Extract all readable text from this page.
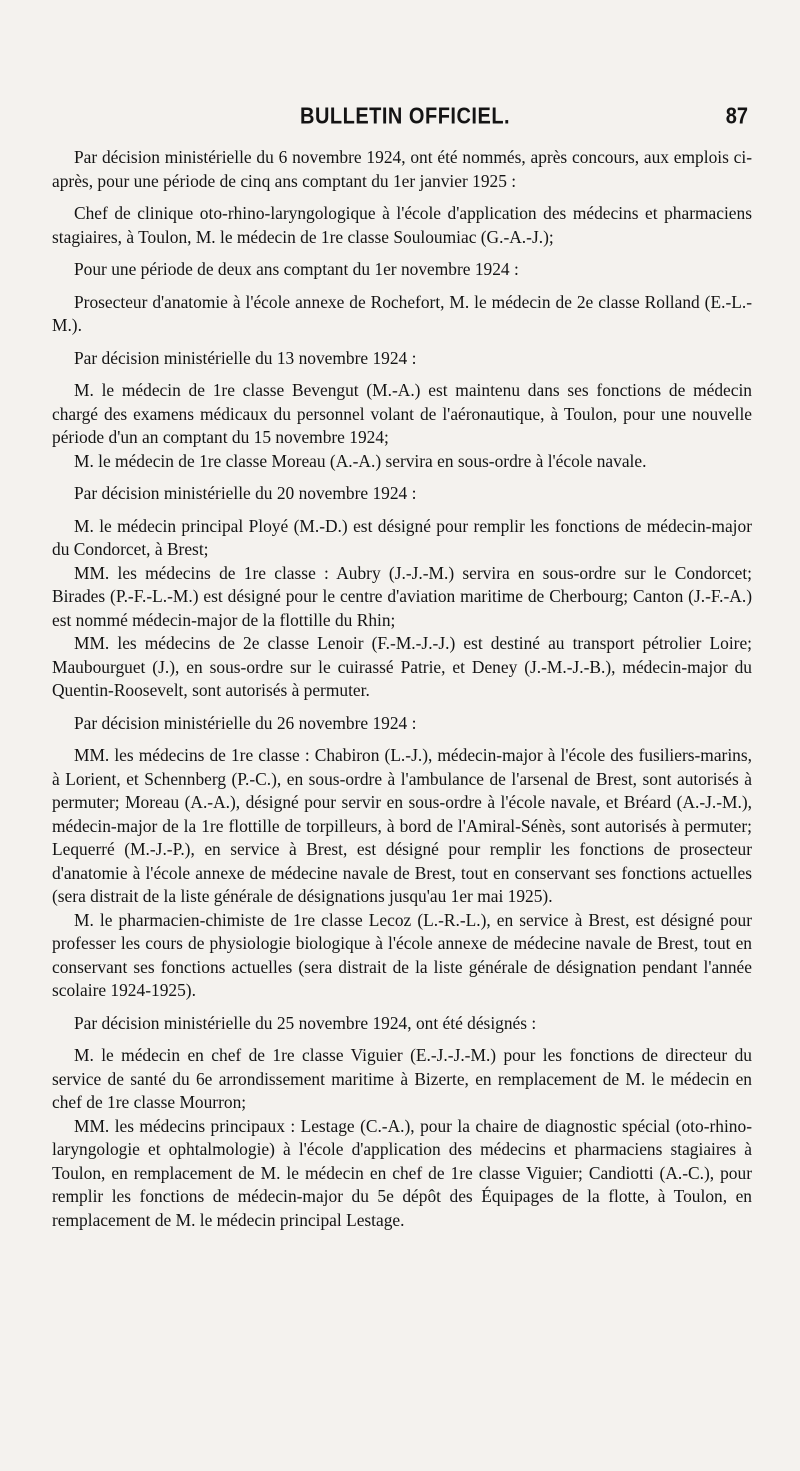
BULLETIN OFFICIEL.	87

Par décision ministérielle du 6 novembre 1924, ont été nommés, après concours, aux emplois ci-après, pour une période de cinq ans comptant du 1er janvier 1925 :

Chef de clinique oto-rhino-laryngologique à l'école d'application des médecins et pharmaciens stagiaires, à Toulon, M. le médecin de 1re classe Souloumiac (G.-A.-J.);

Pour une période de deux ans comptant du 1er novembre 1924 :

Prosecteur d'anatomie à l'école annexe de Rochefort, M. le médecin de 2e classe Rolland (E.-L.-M.).

Par décision ministérielle du 13 novembre 1924 :

M. le médecin de 1re classe Bevengut (M.-A.) est maintenu dans ses fonctions de médecin chargé des examens médicaux du personnel volant de l'aéronautique, à Toulon, pour une nouvelle période d'un an comptant du 15 novembre 1924;

M. le médecin de 1re classe Moreau (A.-A.) servira en sous-ordre à l'école navale.

Par décision ministérielle du 20 novembre 1924 :

M. le médecin principal Ployé (M.-D.) est désigné pour remplir les fonctions de médecin-major du Condorcet, à Brest;

MM. les médecins de 1re classe : Aubry (J.-J.-M.) servira en sous-ordre sur le Condorcet; Birades (P.-F.-L.-M.) est désigné pour le centre d'aviation maritime de Cherbourg; Canton (J.-F.-A.) est nommé médecin-major de la flottille du Rhin;

MM. les médecins de 2e classe Lenoir (F.-M.-J.-J.) est destiné au transport pétrolier Loire; Maubourguet (J.), en sous-ordre sur le cuirassé Patrie, et Deney (J.-M.-J.-B.), médecin-major du Quentin-Roosevelt, sont autorisés à permuter.

Par décision ministérielle du 26 novembre 1924 :

MM. les médecins de 1re classe : Chabiron (L.-J.), médecin-major à l'école des fusiliers-marins, à Lorient, et Schennberg (P.-C.), en sous-ordre à l'ambulance de l'arsenal de Brest, sont autorisés à permuter; Moreau (A.-A.), désigné pour servir en sous-ordre à l'école navale, et Bréard (A.-J.-M.), médecin-major de la 1re flottille de torpilleurs, à bord de l'Amiral-Sénès, sont autorisés à permuter; Lequerré (M.-J.-P.), en service à Brest, est désigné pour remplir les fonctions de prosecteur d'anatomie à l'école annexe de médecine navale de Brest, tout en conservant ses fonctions actuelles (sera distrait de la liste générale de désignations jusqu'au 1er mai 1925).

M. le pharmacien-chimiste de 1re classe Lecoz (L.-R.-L.), en service à Brest, est désigné pour professer les cours de physiologie biologique à l'école annexe de médecine navale de Brest, tout en conservant ses fonctions actuelles (sera distrait de la liste générale de désignation pendant l'année scolaire 1924-1925).

Par décision ministérielle du 25 novembre 1924, ont été désignés :

M. le médecin en chef de 1re classe Viguier (E.-J.-J.-M.) pour les fonctions de directeur du service de santé du 6e arrondissement maritime à Bizerte, en remplacement de M. le médecin en chef de 1re classe Mourron;

MM. les médecins principaux : Lestage (C.-A.), pour la chaire de diagnostic spécial (oto-rhino-laryngologie et ophtalmologie) à l'école d'application des médecins et pharmaciens stagiaires à Toulon, en remplacement de M. le médecin en chef de 1re classe Viguier; Candiotti (A.-C.), pour remplir les fonctions de médecin-major du 5e dépôt des Équipages de la flotte, à Toulon, en remplacement de M. le médecin principal Lestage.
